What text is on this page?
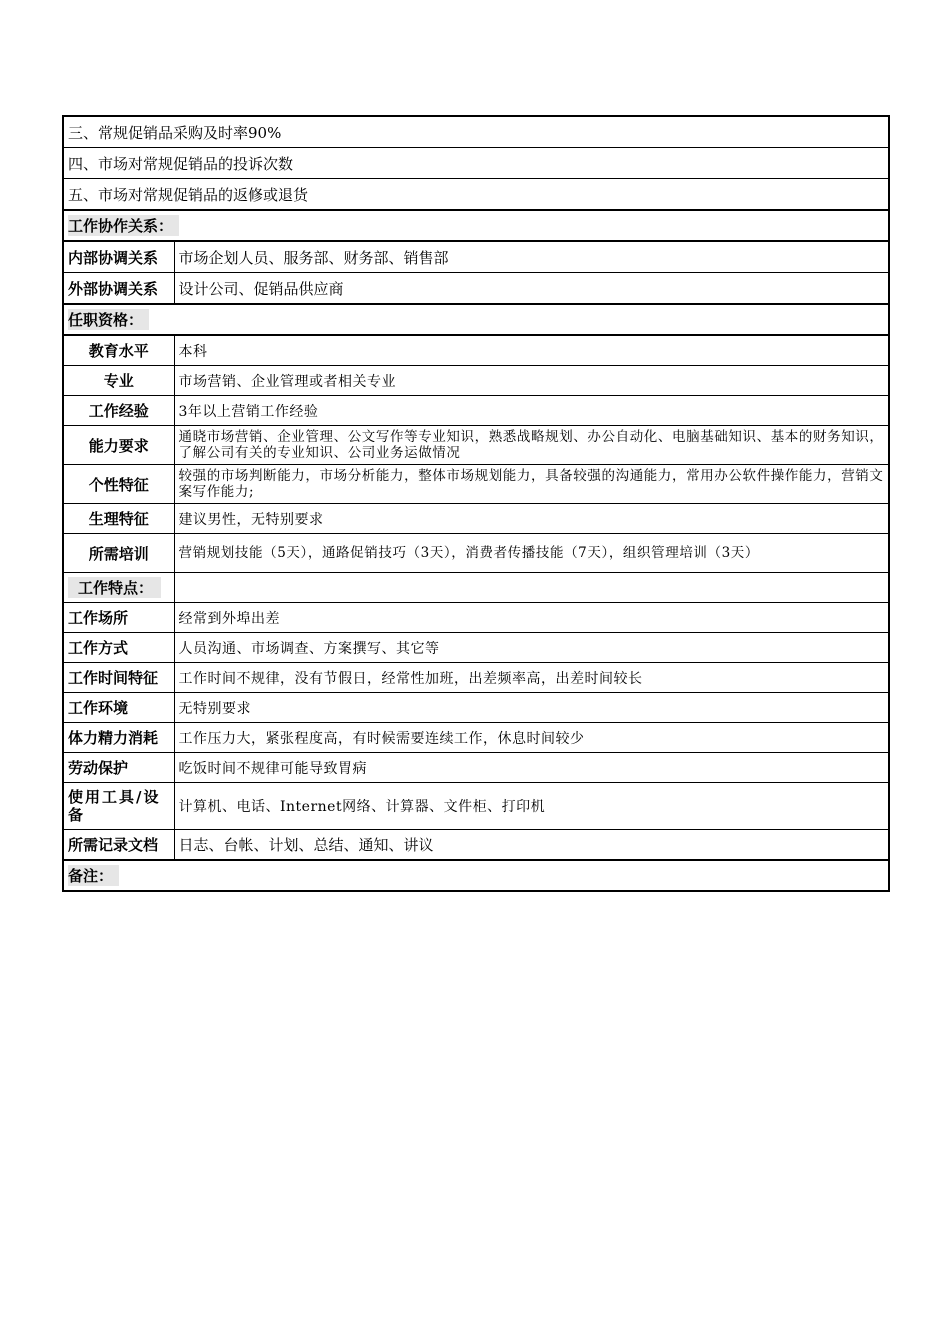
三、常规促销品采购及时率90%	
四、市场对常规促销品的投诉次数	
五、市场对常规促销品的返修或退货	
工作协作关系：	
内部协调关系	市场企划人员、服务部、财务部、销售部
外部协调关系	设计公司、促销品供应商
任职资格：	
教育水平	本科
专业	市场营销、企业管理或者相关专业
工作经验	3年以上营销工作经验
能力要求	通晓市场营销、企业管理、公文写作等专业知识，熟悉战略规划、办公自动化、电脑基础知识、基本的财务知识，了解公司有关的专业知识、公司业务运做情况
个性特征	较强的市场判断能力，市场分析能力，整体市场规划能力，具备较强的沟通能力，常用办公软件操作能力，营销文案写作能力;
生理特征	建议男性，无特别要求
所需培训	营销规划技能（5天），通路促销技巧（3天），消费者传播技能（7天），组织管理培训（3天）
工作特点：	
工作场所	经常到外埠出差
工作方式	人员沟通、市场调查、方案撰写、其它等
工作时间特征	工作时间不规律，没有节假日，经常性加班，出差频率高，出差时间较长
工作环境	无特别要求
体力精力消耗	工作压力大，紧张程度高，有时候需要连续工作，休息时间较少
劳动保护	吃饭时间不规律可能导致胃病
使用工具/设备	计算机、电话、Internet网络、计算器、文件柜、打印机
所需记录文档	日志、台帐、计划、总结、通知、讲议
备注：	
